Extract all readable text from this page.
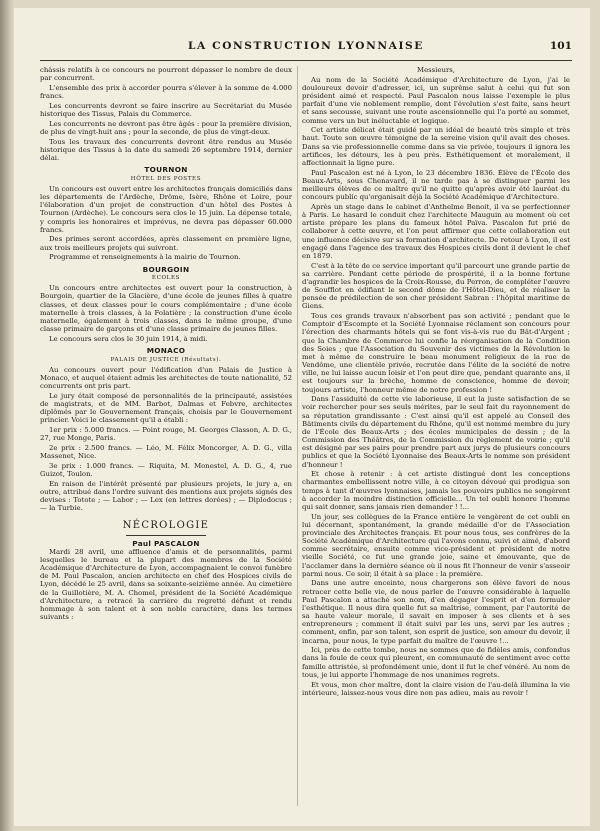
LA CONSTRUCTION LYONNAISE	101

châssis relatifs à ce concours ne pourront dépasser le nombre de deux par concurrent.

L'ensemble des prix à accorder pourra s'élever à la somme de 4.000 francs.

Les concurrents devront se faire inscrire au Secrétariat du Musée historique des Tissus, Palais du Commerce.

Les concurrents ne devront pas être âgés : pour la première division, de plus de vingt-huit ans ; pour la seconde, de plus de vingt-deux.

Tous les travaux des concurrents devront être rendus au Musée historique des Tissus à la date du samedi 26 septembre 1914, dernier délai.

TOURNON
HÔTEL DES POSTES

Un concours est ouvert entre les architectes français domiciliés dans les départements de l'Ardèche, Drôme, Isère, Rhône et Loire, pour l'élaboration d'un projet de construction d'un hôtel des Postes à Tournon (Ardèche). Le concours sera clos le 15 juin. La dépense totale, y compris les honoraires et imprévus, ne devra pas dépasser 60.000 francs.

Des primes seront accordées, après classement en première ligne, aux trois meilleurs projets qui suivront.

Programme et renseignements à la mairie de Tournon.

BOURGOIN
ÉCOLES

Un concours entre architectes est ouvert pour la construction, à Bourgoin, quartier de la Glacière, d'une école de jeunes filles à quatre classes, et deux classes pour le cours complémentaire ; d'une école maternelle à trois classes, à la Folatière ; la construction d'une école maternelle, également à trois classes, dans le même groupe, d'une classe primaire de garçons et d'une classe primaire de jeunes filles.

Le concours sera clos le 30 juin 1914, à midi.

MONACO
PALAIS DE JUSTICE (Résultats).

Au concours ouvert pour l'édification d'un Palais de Justice à Monaco, et auquel étaient admis les architectes de toute nationalité, 52 concurrents ont pris part.

Le jury était composé de personnalités de la principauté, assistées de magistrats, et de MM. Barbot, Dalmas et Febvre, architectes diplômés par le Gouvernement français, choisis par le Gouvernement princier. Voici le classement qu'il a établi :

1er prix : 5.000 francs. — Point rouge, M. Georges Classon, A. D. G., 27, rue Monge, Paris.

2e prix : 2.500 francs. — Léo, M. Félix Moncorger, A. D. G., villa Massenet, Nice.

3e prix : 1.000 francs. — Riquita, M. Monestel, A. D. G., 4, rue Guizot, Toulon.

En raison de l'intérêt présenté par plusieurs projets, le jury a, en outre, attribué dans l'ordre suivant des mentions aux projets signés des devises : Totote ; — Labor ; — Lex (en lettres dorées) ; — Diplodocus ; — la Turbie.

NÉCROLOGIE
Paul PASCALON

Mardi 28 avril, une affluence d'amis et de personnalités, parmi lesquelles le bureau et la plupart des membres de la Société Académique d'Architecture de Lyon, accompagnaient le convoi funèbre de M. Paul Pascalon, ancien architecte en chef des Hospices civils de Lyon, décédé le 25 avril, dans sa soixante-seizième année. Au cimetière de la Guillotière, M. A. Chomel, président de la Société Académique d'Architecture, a retracé la carrière du regretté défunt et rendu hommage à son talent et à son noble caractère, dans les termes suivants :

Messieurs,

Au nom de la Société Académique d'Architecture de Lyon, j'ai le douloureux devoir d'adresser, ici, un suprême salut à celui qui fut son président aimé et respecté. Paul Pascalon nous laisse l'exemple le plus parfait d'une vie noblement remplie, dont l'évolution s'est faite, sans heurt et sans secousse, suivant une route ascensionnelle qui l'a porté au sommet, comme vers un but inéluctable et logique.

Cet artiste délicat était guidé par un idéal de beauté très simple et très haut. Toute son œuvre témoigne de la sereine vision qu'il avait des choses. Dans sa vie professionnelle comme dans sa vie privée, toujours il ignora les artifices, les détours, les à peu près. Esthétiquement et moralement, il affectionnait la ligne pure.

Paul Pascalon est né à Lyon, le 23 décembre 1836. Élève de l'École des Beaux-Arts, sous Chenavard, il ne tarde pas à se distinguer parmi les meilleurs élèves de ce maître qu'il ne quitte qu'après avoir été lauréat du concours public qu'organisait déjà la Société Académique d'Architecture.

Après un stage dans le cabinet d'Anthelme Benoit, il va se perfectionner à Paris. Le hasard le conduit chez l'architecte Mauguin au moment où cet artiste prépare les plans du fameux hôtel Païva. Pascalon fut prié de collaborer à cette œuvre, et l'on peut affirmer que cette collaboration eut une influence décisive sur sa formation d'architecte. De retour à Lyon, il est engagé dans l'agence des travaux des Hospices civils dont il devient le chef en 1879.

C'est à la tête de ce service important qu'il parcourt une grande partie de sa carrière. Pendant cette période de prospérité, il a la bonne fortune d'agrandir les hospices de la Croix-Rousse, du Perron, de compléter l'œuvre de Soufflot en édifiant le second dôme de l'Hôtel-Dieu, et de réaliser la pensée de prédilection de son cher président Sabran : l'hôpital maritime de Giens.

Tous ces grands travaux n'absorbent pas son activité ; pendant que le Comptoir d'Escompte et la Société Lyonnaise réclament son concours pour l'érection des charmants hôtels qui se font vis-à-vis rue du Bât-d'Argent ; que la Chambre de Commerce lui confie la réorganisation de la Condition des Soies ; que l'Association du Souvenir des victimes de la Révolution le met à même de construire le beau monument religieux de la rue de Vendôme, une clientèle privée, recrutée dans l'élite de la société de notre ville, ne lui laisse aucun loisir et l'on peut dire que, pendant quarante ans, il est toujours sur la brèche, homme de conscience, homme de devoir, toujours artiste, l'honneur même de notre profession !

Dans l'assiduité de cette vie laborieuse, il eut la juste satisfaction de se voir rechercher pour ses seuls mérites, par le seul fait du rayonnement de sa réputation grandissante : C'est ainsi qu'il est appelé au Conseil des Bâtiments civils du département du Rhône, qu'il est nommé membre du jury de l'École des Beaux-Arts ; des écoles municipales de dessin ; de la Commission des Théâtres, de la Commission du règlement de voirie ; qu'il est désigné par ses pairs pour prendre part aux jurys de plusieurs concours publics et que la Société Lyonnaise des Beaux-Arts le nomme son président d'honneur !

Et chose à retenir : à cet artiste distingué dont les conceptions charmantes embellissent notre ville, à ce citoyen dévoué qui prodigua son temps à tant d'œuvres lyonnaises, jamais les pouvoirs publics ne songèrent à accorder la moindre distinction officielle... Un tel oubli honore l'homme qui sait donner, sans jamais rien demander ! !...

Un jour, ses collègues de la France entière le vengèrent de cet oubli en lui décernant, spontanément, la grande médaille d'or de l'Association provinciale des Architectes français. Et pour nous tous, ses confrères de la Société Académique d'Architecture qui l'avons connu, suivi et aimé, d'abord comme secrétaire, ensuite comme vice-président et président de notre vieille Société, ce fut une grande joie, saine et émouvante, que de l'acclamer dans la dernière séance où il nous fit l'honneur de venir s'asseoir parmi nous. Ce soir, il était à sa place : la première.

Dans une autre enceinte, nous chargerons son élève favori de nous retracer cette belle vie, de nous parler de l'œuvre considérable à laquelle Paul Pascalon a attaché son nom, d'en dégager l'esprit et d'en formuler l'esthétique. Il nous dira quelle fut sa maîtrise, comment, par l'autorité de sa haute valeur morale, il savait en imposer à ses clients et à ses entrepreneurs ; comment il était suivi par les uns, servi par les autres ; comment, enfin, par son talent, son esprit de justice, son amour du devoir, il incarna, pour nous, le type parfait du maître de l'œuvre !...

Ici, près de cette tombe, nous ne sommes que de fidèles amis, confondus dans la foule de ceux qui pleurent, en communauté de sentiment avec cette famille attristée, si profondément unie, dont il fut le chef vénéré. Au nom de tous, je lui apporte l'hommage de nos unanimes regrets.

Et vous, mon cher maître, dont la claire vision de l'au-delà illumina la vie intérieure, laissez-nous vous dire non pas adieu, mais au revoir !
